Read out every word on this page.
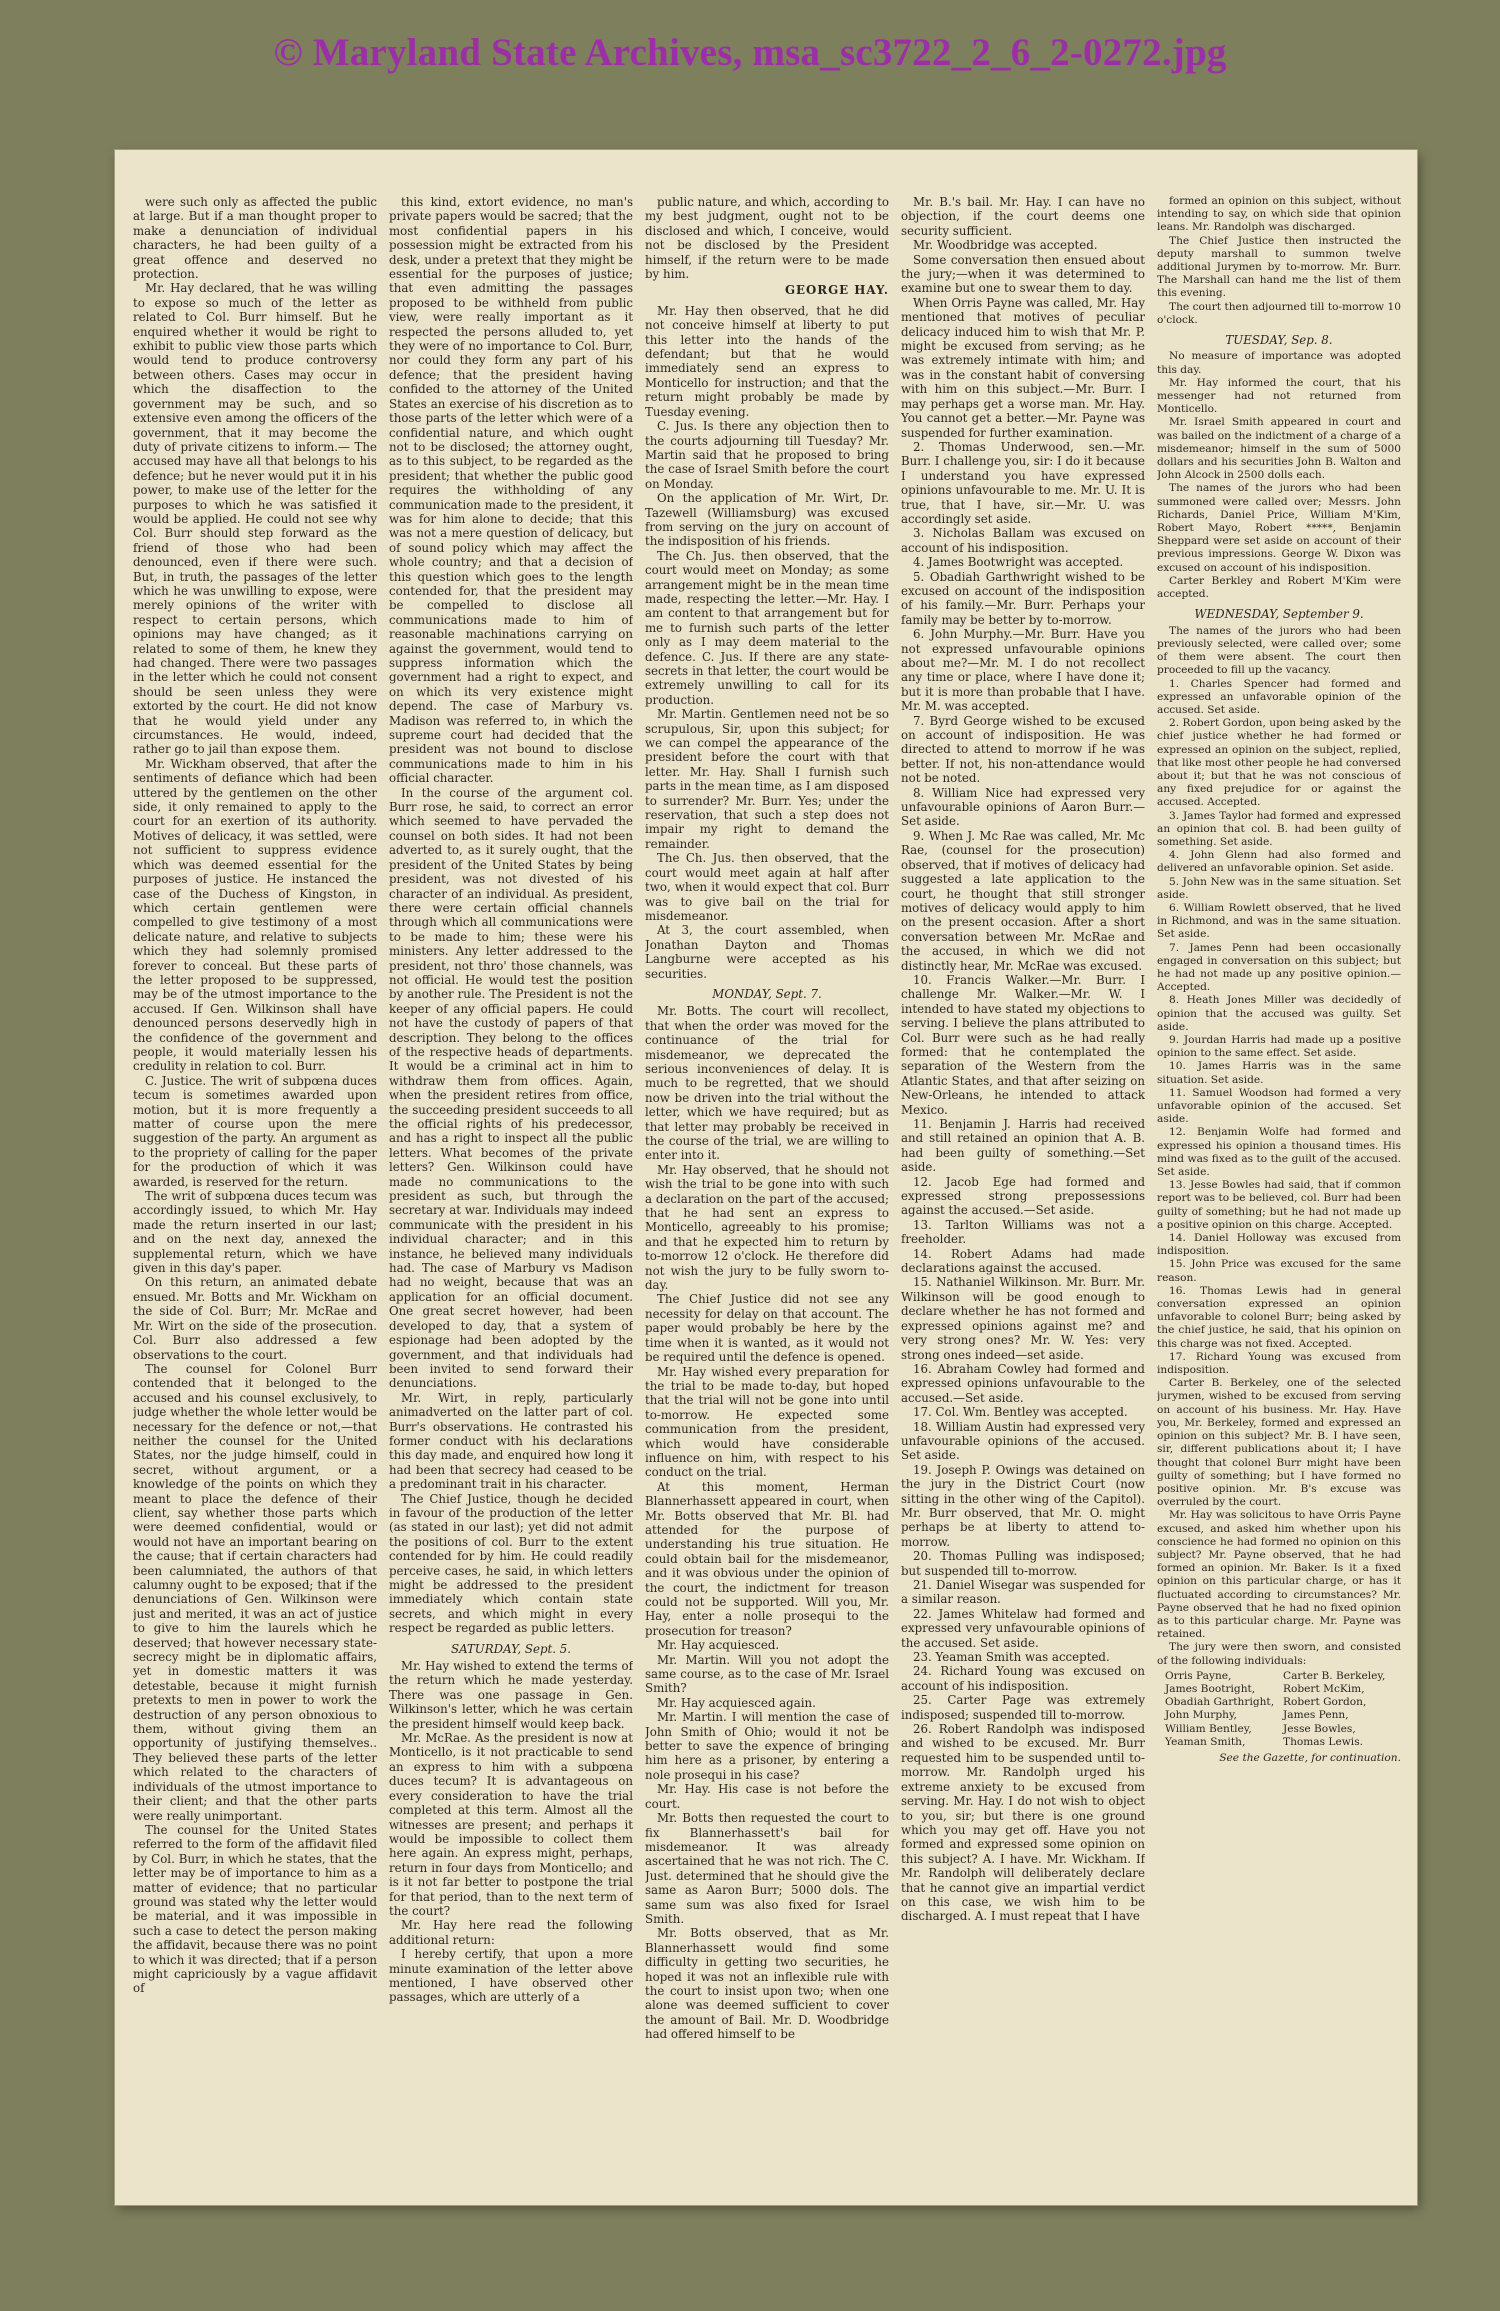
© Maryland State Archives, msa_sc3722_2_6_2-0272.jpg

were such only as affected the public at large. But if a man thought proper to make a denunciation of individual characters, he had been guilty of a great offence and deserved no protection.

Mr. Hay declared, that he was willing to expose so much of the letter as related to Col. Burr himself. But he enquired whether it would be right to exhibit to public view those parts which would tend to produce controversy between others. Cases may occur in which the disaffection to the government may be such, and so extensive even among the officers of the government, that it may become the duty of private citizens to inform.— The accused may have all that belongs to his defence; but he never would put it in his power, to make use of the letter for the purposes to which he was satisfied it would be applied. He could not see why Col. Burr should step forward as the friend of those who had been denounced, even if there were such. But, in truth, the passages of the letter which he was unwilling to expose, were merely opinions of the writer with respect to certain persons, which opinions may have changed; as it related to some of them, he knew they had changed. There were two passages in the letter which he could not consent should be seen unless they were extorted by the court. He did not know that he would yield under any circumstances. He would, indeed, rather go to jail than expose them.

Mr. Wickham observed, that after the sentiments of defiance which had been uttered by the gentlemen on the other side, it only remained to apply to the court for an exertion of its authority. Motives of delicacy, it was settled, were not sufficient to suppress evidence which was deemed essential for the purposes of justice. He instanced the case of the Duchess of Kingston, in which certain gentlemen were compelled to give testimony of a most delicate nature, and relative to subjects which they had solemnly promised forever to conceal. But these parts of the letter proposed to be suppressed, may be of the utmost importance to the accused. If Gen. Wilkinson shall have denounced persons deservedly high in the confidence of the government and people, it would materially lessen his credulity in relation to col. Burr.

C. Justice. The writ of subpœna duces tecum is sometimes awarded upon motion, but it is more frequently a matter of course upon the mere suggestion of the party. An argument as to the propriety of calling for the paper for the production of which it was awarded, is reserved for the return.

The writ of subpœna duces tecum was accordingly issued, to which Mr. Hay made the return inserted in our last; and on the next day, annexed the supplemental return, which we have given in this day's paper.

On this return, an animated debate ensued. Mr. Botts and Mr. Wickham on the side of Col. Burr; Mr. McRae and Mr. Wirt on the side of the prosecution. Col. Burr also addressed a few observations to the court.

The counsel for Colonel Burr contended that it belonged to the accused and his counsel exclusively, to judge whether the whole letter would be necessary for the defence or not,—that neither the counsel for the United States, nor the judge himself, could in secret, without argument, or a knowledge of the points on which they meant to place the defence of their client, say whether those parts which were deemed confidential, would or would not have an important bearing on the cause; that if certain characters had been calumniated, the authors of that calumny ought to be exposed; that if the denunciations of Gen. Wilkinson were just and merited, it was an act of justice to give to him the laurels which he deserved; that however necessary state-secrecy might be in diplomatic affairs, yet in domestic matters it was detestable, because it might furnish pretexts to men in power to work the destruction of any person obnoxious to them, without giving them an opportunity of justifying themselves.. They believed these parts of the letter which related to the characters of individuals of the utmost importance to their client; and that the other parts were really unimportant.

The counsel for the United States referred to the form of the affidavit filed by Col. Burr, in which he states, that the letter may be of importance to him as a matter of evidence; that no particular ground was stated why the letter would be material, and it was impossible in such a case to detect the person making the affidavit, because there was no point to which it was directed; that if a person might capriciously by a vague affidavit of

this kind, extort evidence, no man's private papers would be sacred; that the most confidential papers in his possession might be extracted from his desk, under a pretext that they might be essential for the purposes of justice; that even admitting the passages proposed to be withheld from public view, were really important as it respected the persons alluded to, yet they were of no importance to Col. Burr, nor could they form any part of his defence; that the president having confided to the attorney of the United States an exercise of his discretion as to those parts of the letter which were of a confidential nature, and which ought not to be disclosed; the attorney ought, as to this subject, to be regarded as the president; that whether the public good requires the withholding of any communication made to the president, it was for him alone to decide; that this was not a mere question of delicacy, but of sound policy which may affect the whole country; and that a decision of this question which goes to the length contended for, that the president may be compelled to disclose all communications made to him of reasonable machinations carrying on against the government, would tend to suppress information which the government had a right to expect, and on which its very existence might depend. The case of Marbury vs. Madison was referred to, in which the supreme court had decided that the president was not bound to disclose communications made to him in his official character.

In the course of the argument col. Burr rose, he said, to correct an error which seemed to have pervaded the counsel on both sides. It had not been adverted to, as it surely ought, that the president of the United States by being president, was not divested of his character of an individual. As president, there were certain official channels through which all communications were to be made to him; these were his ministers. Any letter addressed to the president, not thro' those channels, was not official. He would test the position by another rule. The President is not the keeper of any official papers. He could not have the custody of papers of that description. They belong to the offices of the respective heads of departments. It would be a criminal act in him to withdraw them from offices. Again, when the president retires from office, the succeeding president succeeds to all the official rights of his predecessor, and has a right to inspect all the public letters. What becomes of the private letters? Gen. Wilkinson could have made no communications to the president as such, but through the secretary at war. Individuals may indeed communicate with the president in his individual character; and in this instance, he believed many individuals had. The case of Marbury vs Madison had no weight, because that was an application for an official document. One great secret however, had been developed to day, that a system of espionage had been adopted by the government, and that individuals had been invited to send forward their denunciations.

Mr. Wirt, in reply, particularly animadverted on the latter part of col. Burr's observations. He contrasted his former conduct with his declarations this day made, and enquired how long it had been that secrecy had ceased to be a predominant trait in his character.

The Chief Justice, though he decided in favour of the production of the letter (as stated in our last); yet did not admit the positions of col. Burr to the extent contended for by him. He could readily perceive cases, he said, in which letters might be addressed to the president immediately which contain state secrets, and which might in every respect be regarded as public letters.

SATURDAY, Sept. 5.

Mr. Hay wished to extend the terms of the return which he made yesterday. There was one passage in Gen. Wilkinson's letter, which he was certain the president himself would keep back.

Mr. McRae. As the president is now at Monticello, is it not practicable to send an express to him with a subpœna duces tecum? It is advantageous on every consideration to have the trial completed at this term. Almost all the witnesses are present; and perhaps it would be impossible to collect them here again. An express might, perhaps, return in four days from Monticello; and is it not far better to postpone the trial for that period, than to the next term of the court?

Mr. Hay here read the following additional return:

I hereby certify, that upon a more minute examination of the letter above mentioned, I have observed other passages, which are utterly of a

public nature, and which, according to my best judgment, ought not to be disclosed and which, I conceive, would not be disclosed by the President himself, if the return were to be made by him.

GEORGE HAY.

Mr. Hay then observed, that he did not conceive himself at liberty to put this letter into the hands of the defendant; but that he would immediately send an express to Monticello for instruction; and that the return might probably be made by Tuesday evening.

C. Jus. Is there any objection then to the courts adjourning till Tuesday? Mr. Martin said that he proposed to bring the case of Israel Smith before the court on Monday.

On the application of Mr. Wirt, Dr. Tazewell (Williamsburg) was excused from serving on the jury on account of the indisposition of his friends.

The Ch. Jus. then observed, that the court would meet on Monday; as some arrangement might be in the mean time made, respecting the letter.—Mr. Hay. I am content to that arrangement but for me to furnish such parts of the letter only as I may deem material to the defence. C. Jus. If there are any state-secrets in that letter, the court would be extremely unwilling to call for its production.

Mr. Martin. Gentlemen need not be so scrupulous, Sir, upon this subject; for we can compel the appearance of the president before the court with that letter. Mr. Hay. Shall I furnish such parts in the mean time, as I am disposed to surrender? Mr. Burr. Yes; under the reservation, that such a step does not impair my right to demand the remainder.

The Ch. Jus. then observed, that the court would meet again at half after two, when it would expect that col. Burr was to give bail on the trial for misdemeanor.

At 3, the court assembled, when Jonathan Dayton and Thomas Langburne were accepted as his securities.

MONDAY, Sept. 7.

Mr. Botts. The court will recollect, that when the order was moved for the continuance of the trial for misdemeanor, we deprecated the serious inconveniences of delay. It is much to be regretted, that we should now be driven into the trial without the letter, which we have required; but as that letter may probably be received in the course of the trial, we are willing to enter into it.

Mr. Hay observed, that he should not wish the trial to be gone into with such a declaration on the part of the accused; that he had sent an express to Monticello, agreeably to his promise; and that he expected him to return by to-morrow 12 o'clock. He therefore did not wish the jury to be fully sworn to-day.

The Chief Justice did not see any necessity for delay on that account. The paper would probably be here by the time when it is wanted, as it would not be required until the defence is opened.

Mr. Hay wished every preparation for the trial to be made to-day, but hoped that the trial will not be gone into until to-morrow. He expected some communication from the president, which would have considerable influence on him, with respect to his conduct on the trial.

At this moment, Herman Blannerhassett appeared in court, when Mr. Botts observed that Mr. Bl. had attended for the purpose of understanding his true situation. He could obtain bail for the misdemeanor, and it was obvious under the opinion of the court, the indictment for treason could not be supported. Will you, Mr. Hay, enter a nolle prosequi to the prosecution for treason?

Mr. Hay acquiesced.

Mr. Martin. Will you not adopt the same course, as to the case of Mr. Israel Smith?

Mr. Hay acquiesced again.

Mr. Martin. I will mention the case of John Smith of Ohio; would it not be better to save the expence of bringing him here as a prisoner, by entering a nole prosequi in his case?

Mr. Hay. His case is not before the court.

Mr. Botts then requested the court to fix Blannerhassett's bail for misdemeanor. It was already ascertained that he was not rich. The C. Just. determined that he should give the same as Aaron Burr; 5000 dols. The same sum was also fixed for Israel Smith.

Mr. Botts observed, that as Mr. Blannerhassett would find some difficulty in getting two securities, he hoped it was not an inflexible rule with the court to insist upon two; when one alone was deemed sufficient to cover the amount of Bail. Mr. D. Woodbridge had offered himself to be

Mr. B.'s bail. Mr. Hay. I can have no objection, if the court deems one security sufficient.

Mr. Woodbridge was accepted.

Some conversation then ensued about the jury;—when it was determined to examine but one to swear them to day.

When Orris Payne was called, Mr. Hay mentioned that motives of peculiar delicacy induced him to wish that Mr. P. might be excused from serving; as he was extremely intimate with him; and was in the constant habit of conversing with him on this subject.—Mr. Burr. I may perhaps get a worse man. Mr. Hay. You cannot get a better.—Mr. Payne was suspended for further examination.

2. Thomas Underwood, sen.—Mr. Burr. I challenge you, sir: I do it because I understand you have expressed opinions unfavourable to me. Mr. U. It is true, that I have, sir.—Mr. U. was accordingly set aside.

3. Nicholas Ballam was excused on account of his indisposition.

4. James Bootwright was accepted.

5. Obadiah Garthwright wished to be excused on account of the indisposition of his family.—Mr. Burr. Perhaps your family may be better by to-morrow.

6. John Murphy.—Mr. Burr. Have you not expressed unfavourable opinions about me?—Mr. M. I do not recollect any time or place, where I have done it; but it is more than probable that I have. Mr. M. was accepted.

7. Byrd George wished to be excused on account of indisposition. He was directed to attend to morrow if he was better. If not, his non-attendance would not be noted.

8. William Nice had expressed very unfavourable opinions of Aaron Burr.—Set aside.

9. When J. Mc Rae was called, Mr. Mc Rae, (counsel for the prosecution) observed, that if motives of delicacy had suggested a late application to the court, he thought that still stronger motives of delicacy would apply to him on the present occasion. After a short conversation between Mr. McRae and the accused, in which we did not distinctly hear, Mr. McRae was excused.

10. Francis Walker.—Mr. Burr. I challenge Mr. Walker.—Mr. W. I intended to have stated my objections to serving. I believe the plans attributed to Col. Burr were such as he had really formed: that he contemplated the separation of the Western from the Atlantic States, and that after seizing on New-Orleans, he intended to attack Mexico.

11. Benjamin J. Harris had received and still retained an opinion that A. B. had been guilty of something.—Set aside.

12. Jacob Ege had formed and expressed strong prepossessions against the accused.—Set aside.

13. Tarlton Williams was not a freeholder.

14. Robert Adams had made declarations against the accused.

15. Nathaniel Wilkinson. Mr. Burr. Mr. Wilkinson will be good enough to declare whether he has not formed and expressed opinions against me? and very strong ones? Mr. W. Yes: very strong ones indeed—set aside.

16. Abraham Cowley had formed and expressed opinions unfavourable to the accused.—Set aside.

17. Col. Wm. Bentley was accepted.

18. William Austin had expressed very unfavourable opinions of the accused. Set aside.

19. Joseph P. Owings was detained on the jury in the District Court (now sitting in the other wing of the Capitol). Mr. Burr observed, that Mr. O. might perhaps be at liberty to attend to-morrow.

20. Thomas Pulling was indisposed; but suspended till to-morrow.

21. Daniel Wisegar was suspended for a similar reason.

22. James Whitelaw had formed and expressed very unfavourable opinions of the accused. Set aside.

23. Yeaman Smith was accepted.

24. Richard Young was excused on account of his indisposition.

25. Carter Page was extremely indisposed; suspended till to-morrow.

26. Robert Randolph was indisposed and wished to be excused. Mr. Burr requested him to be suspended until to-morrow. Mr. Randolph urged his extreme anxiety to be excused from serving. Mr. Hay. I do not wish to object to you, sir; but there is one ground which you may get off. Have you not formed and expressed some opinion on this subject? A. I have. Mr. Wickham. If Mr. Randolph will deliberately declare that he cannot give an impartial verdict on this case, we wish him to be discharged. A. I must repeat that I have

formed an opinion on this subject, without intending to say, on which side that opinion leans. Mr. Randolph was discharged.

The Chief Justice then instructed the deputy marshall to summon twelve additional Jurymen by to-morrow. Mr. Burr. The Marshall can hand me the list of them this evening.

The court then adjourned till to-morrow 10 o'clock.

TUESDAY, Sep. 8.

No measure of importance was adopted this day.

Mr. Hay informed the court, that his messenger had not returned from Monticello.

Mr. Israel Smith appeared in court and was bailed on the indictment of a charge of a misdemeanor; himself in the sum of 5000 dollars and his securities John B. Walton and John Alcock in 2500 dolls each.

The names of the jurors who had been summoned were called over; Messrs. John Richards, Daniel Price, William M'Kim, Robert Mayo, Robert *****, Benjamin Sheppard were set aside on account of their previous impressions. George W. Dixon was excused on account of his indisposition.

Carter Berkley and Robert M'Kim were accepted.

WEDNESDAY, September 9.

The names of the jurors who had been previously selected, were called over; some of them were absent. The court then proceeded to fill up the vacancy.

1. Charles Spencer had formed and expressed an unfavorable opinion of the accused. Set aside.

2. Robert Gordon, upon being asked by the chief justice whether he had formed or expressed an opinion on the subject, replied, that like most other people he had conversed about it; but that he was not conscious of any fixed prejudice for or against the accused. Accepted.

3. James Taylor had formed and expressed an opinion that col. B. had been guilty of something. Set aside.

4. John Glenn had also formed and delivered an unfavorable opinion. Set aside.

5. John New was in the same situation. Set aside.

6. William Rowlett observed, that he lived in Richmond, and was in the same situation. Set aside.

7. James Penn had been occasionally engaged in conversation on this subject; but he had not made up any positive opinion.—Accepted.

8. Heath Jones Miller was decidedly of opinion that the accused was guilty. Set aside.

9. Jourdan Harris had made up a positive opinion to the same effect. Set aside.

10. James Harris was in the same situation. Set aside.

11. Samuel Woodson had formed a very unfavorable opinion of the accused. Set aside.

12. Benjamin Wolfe had formed and expressed his opinion a thousand times. His mind was fixed as to the guilt of the accused. Set aside.

13. Jesse Bowles had said, that if common report was to be believed, col. Burr had been guilty of something; but he had not made up a positive opinion on this charge. Accepted.

14. Daniel Holloway was excused from indisposition.

15. John Price was excused for the same reason.

16. Thomas Lewis had in general conversation expressed an opinion unfavorable to colonel Burr; being asked by the chief justice, he said, that his opinion on this charge was not fixed. Accepted.

17. Richard Young was excused from indisposition.

Carter B. Berkeley, one of the selected jurymen, wished to be excused from serving on account of his business. Mr. Hay. Have you, Mr. Berkeley, formed and expressed an opinion on this subject? Mr. B. I have seen, sir, different publications about it; I have thought that colonel Burr might have been guilty of something; but I have formed no positive opinion. Mr. B's excuse was overruled by the court.

Mr. Hay was solicitous to have Orris Payne excused, and asked him whether upon his conscience he had formed no opinion on this subject? Mr. Payne observed, that he had formed an opinion. Mr. Baker. Is it a fixed opinion on this particular charge, or has it fluctuated according to circumstances? Mr. Payne observed that he had no fixed opinion as to this particular charge. Mr. Payne was retained.

The jury were then sworn, and consisted of the following individuals:

Orris Payne,	Carter B. Berkeley,
James Bootright,	Robert McKim,
Obadiah Garthright, Robert Gordon,
John Murphy,	James Penn,
William Bentley,	Jesse Bowles,
Yeaman Smith,	Thomas Lewis.
See the Gazette, for continuation.
